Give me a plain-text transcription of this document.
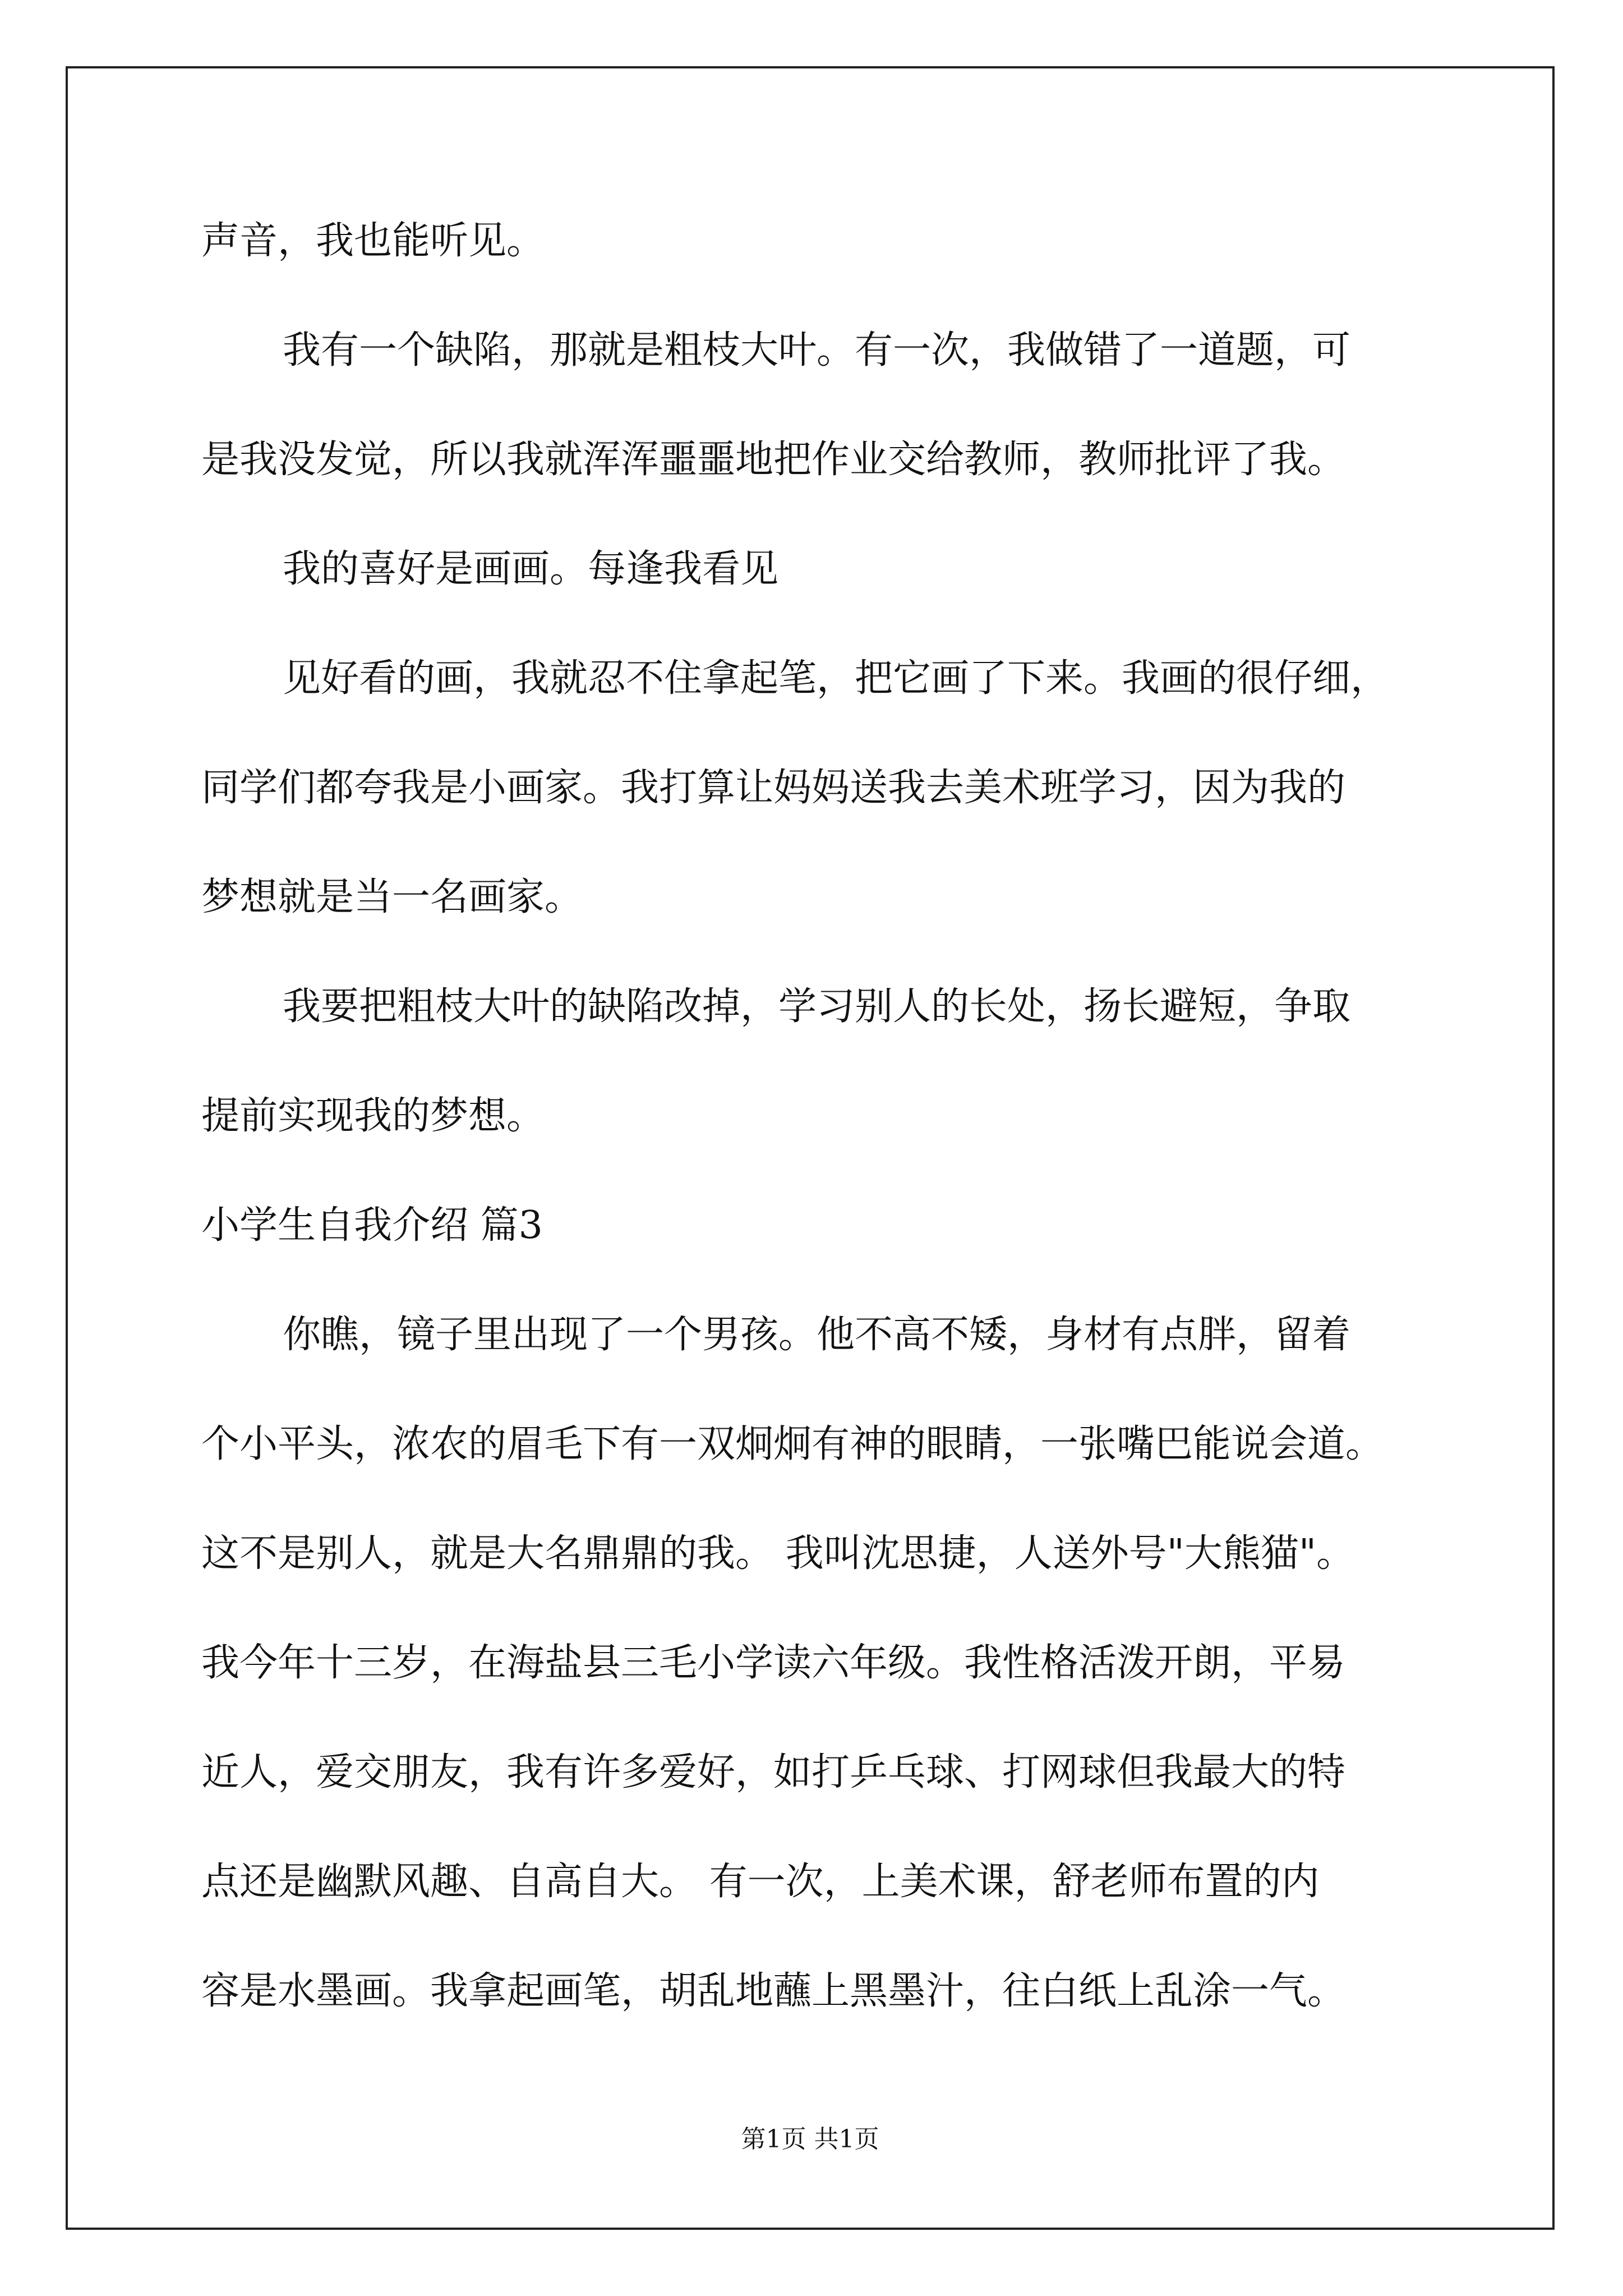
声音，我也能听见。
我有一个缺陷，那就是粗枝大叶。有一次，我做错了一道题，可
是我没发觉，所以我就浑浑噩噩地把作业交给教师，教师批评了我。
我的喜好是画画。每逢我看见
见好看的画，我就忍不住拿起笔，把它画了下来。我画的很仔细，
同学们都夸我是小画家。我打算让妈妈送我去美术班学习，因为我的
梦想就是当一名画家。
我要把粗枝大叶的缺陷改掉，学习别人的长处，扬长避短，争取
提前实现我的梦想。
小学生自我介绍 篇3
你瞧，镜子里出现了一个男孩。他不高不矮，身材有点胖，留着
个小平头，浓农的眉毛下有一双炯炯有神的眼睛，一张嘴巴能说会道。
这不是别人，就是大名鼎鼎的我。 我叫沈思捷，人送外号"大熊猫"。
我今年十三岁，在海盐县三毛小学读六年级。我性格活泼开朗，平易
近人，爱交朋友，我有许多爱好，如打乒乓球、打网球但我最大的特
点还是幽默风趣、自高自大。 有一次，上美术课，舒老师布置的内
容是水墨画。我拿起画笔，胡乱地蘸上黑墨汁，往白纸上乱涂一气。
第1页 共1页
